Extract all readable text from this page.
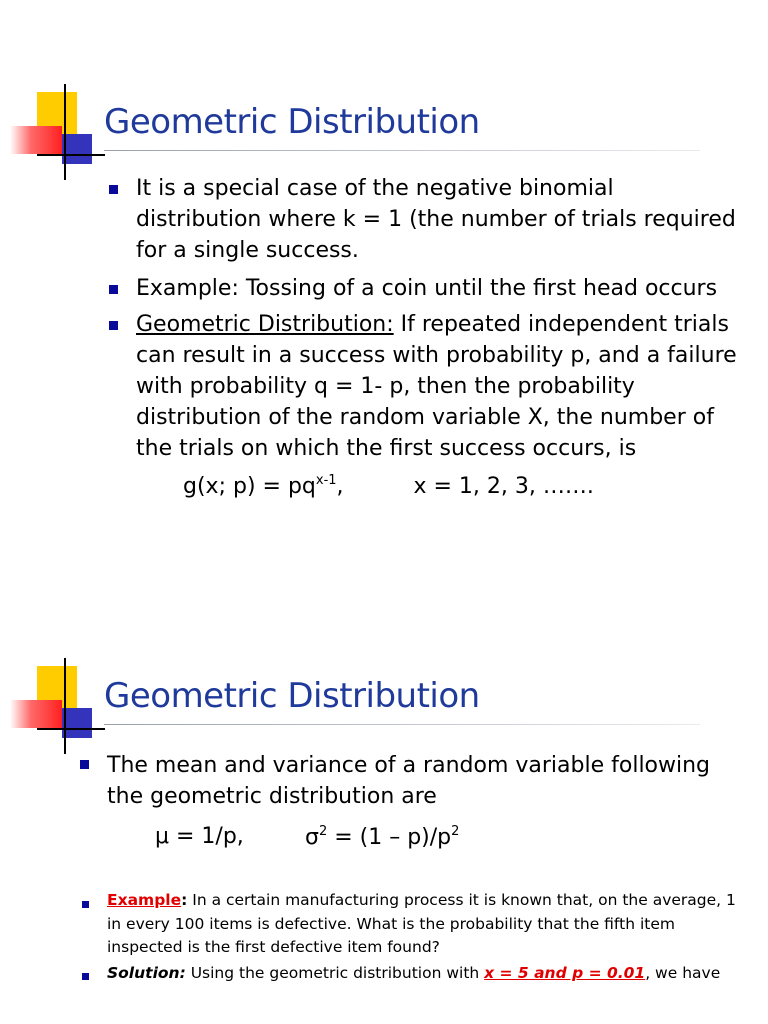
Geometric Distribution
It is a special case of the negative binomial distribution where k = 1 (the number of trials required for a single success.
Example: Tossing of a coin until the first head occurs
Geometric Distribution: If repeated independent trials can result in a success with probability p, and a failure with probability q = 1- p, then the probability distribution of the random variable X, the number of the trials on which the first success occurs, is
g(x; $p) = pq^{x-1}$,          x = 1, 2, 3, …….
Geometric Distribution
The mean and variance of a random variable following the geometric distribution are
μ = 1/p,	$\sigma^2 = (1 - p)/p^2$
Example: In a certain manufacturing process it is known that, on the average, 1 in every 100 items is defective. What is the probability that the fifth item inspected is the first defective item found?
Solution: Using the geometric distribution with x = 5 and p = 0.01, we have
